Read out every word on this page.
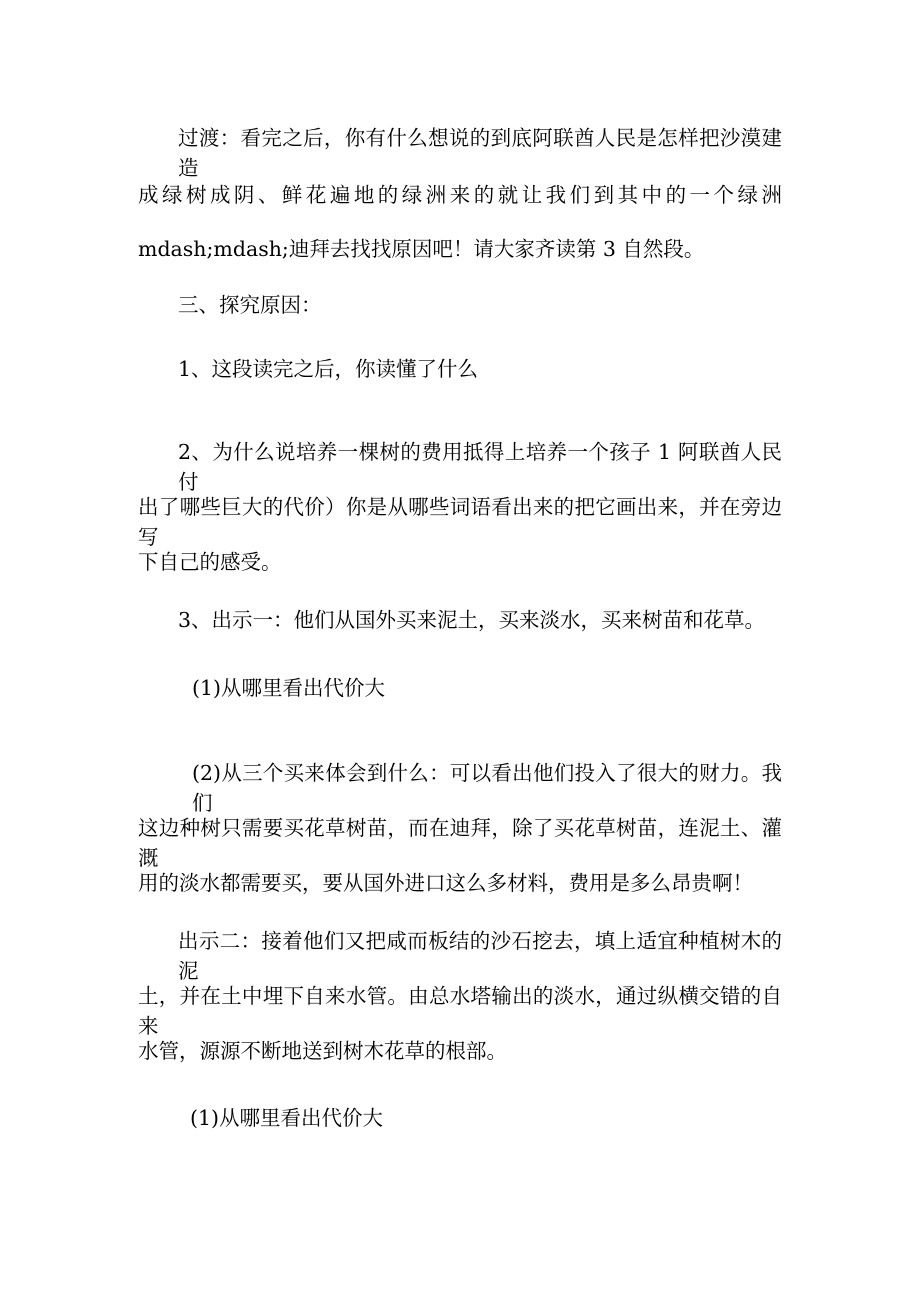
过渡：看完之后，你有什么想说的到底阿联酋人民是怎样把沙漠建造
成绿树成阴、鲜花遍地的绿洲来的就让我们到其中的一个绿洲
mdash;mdash;迪拜去找找原因吧！请大家齐读第 3 自然段。
三、探究原因：
1、这段读完之后，你读懂了什么
2、为什么说培养一棵树的费用抵得上培养一个孩子 1 阿联酋人民付
出了哪些巨大的代价）你是从哪些词语看出来的把它画出来，并在旁边写
下自己的感受。
3、出示一：他们从国外买来泥土，买来淡水，买来树苗和花草。
(1)从哪里看出代价大
(2)从三个买来体会到什么：可以看出他们投入了很大的财力。我们
这边种树只需要买花草树苗，而在迪拜，除了买花草树苗，连泥土、灌溉
用的淡水都需要买，要从国外进口这么多材料，费用是多么昂贵啊！
出示二：接着他们又把咸而板结的沙石挖去，填上适宜种植树木的泥
土，并在土中埋下自来水管。由总水塔输出的淡水，通过纵横交错的自来
水管，源源不断地送到树木花草的根部。
(1)从哪里看出代价大
